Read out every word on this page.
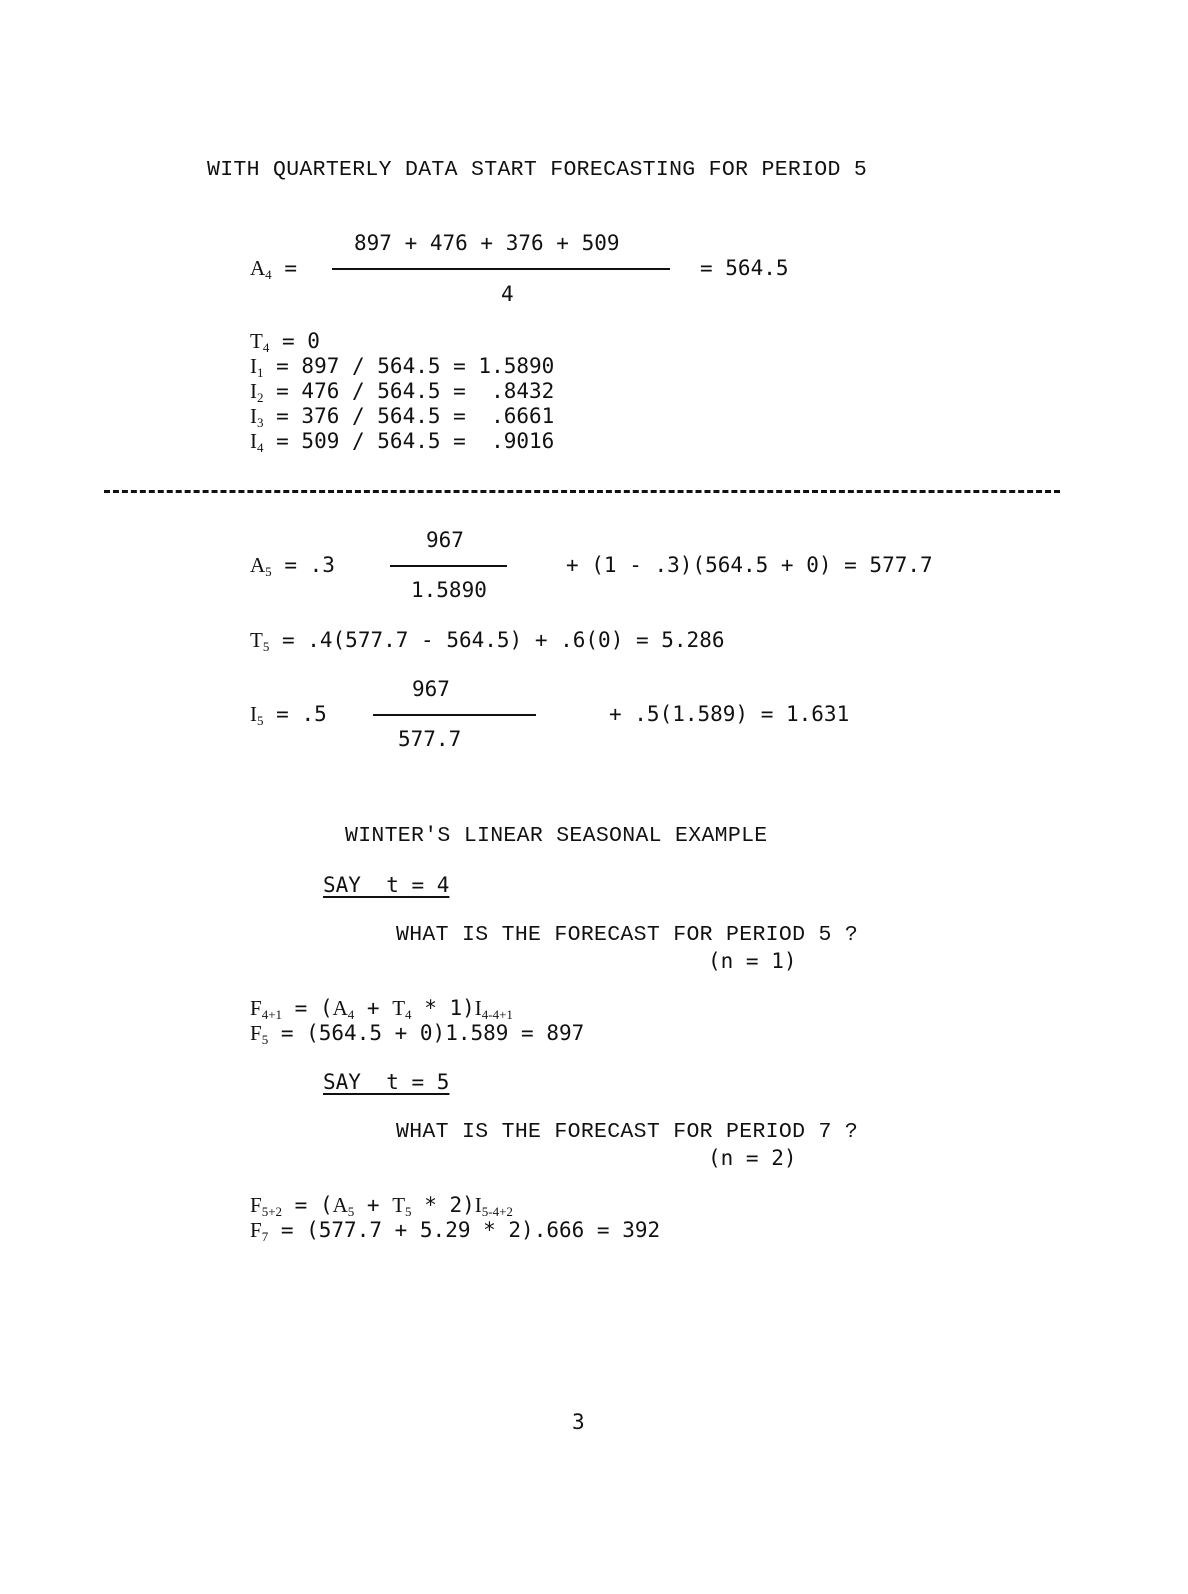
WITH QUARTERLY DATA START FORECASTING FOR PERIOD 5
$A_4$ =
897 + 476 + 376 + 509
4
= 564.5
$T_4 = 0$
$I_1 = 897 / 564.5 = 1.5890$
$I_2 = 476 / 564.5 = .8432$
$I_3 = 376 / 564.5 = .6661$
$I_4 = 509 / 564.5 = .9016$
$A_5 = .3$
967
1.5890
+ (1 - .3)(564.5 + 0) = 577.7
$T_5 = .4(577.7 - 564.5) + .6(0) = 5.286$
$I_5 = .5$
967
577.7
+ .5(1.589) = 1.631
WINTER'S LINEAR SEASONAL EXAMPLE
SAY  t = 4
WHAT IS THE FORECAST FOR PERIOD 5 ?
(n = 1)
$F_{4+1} = (A_4 + T_4 * 1)I_{4-4+1}$
$F_5 = (564.5 + 0)1.589 = 897$
SAY  t = 5
WHAT IS THE FORECAST FOR PERIOD 7 ?
(n = 2)
$F_{5+2} = (A_5 + T_5 * 2)I_{5-4+2}$
$F_7 = (577.7 + 5.29 * 2).666 = 392$
3
